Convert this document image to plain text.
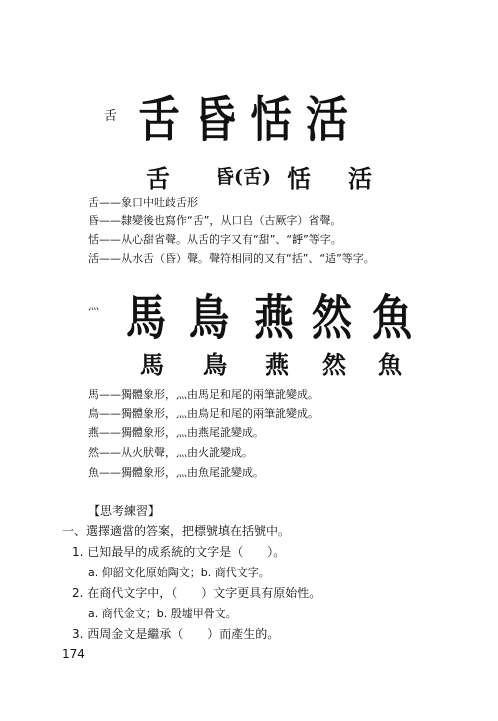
舌 舌昏恬活
舌 昏(舌) 恬 活
舌——象口中吐歧舌形
昏——隸變後也寫作“舌”，从口𠂤（古厥字）省聲。
恬——从心甜省聲。从舌的字又有“甜”、“𧦝”等字。
活——从水舌（昏）聲。聲符相同的又有“括”、“适”等字。
灬 馬 鳥 燕 然 魚
馬 鳥 燕 然 魚
馬——獨體象形，灬由馬足和尾的兩筆訛變成。
鳥——獨體象形，灬由鳥足和尾的兩筆訛變成。
燕——獨體象形，灬由燕尾訛變成。
然——从火肰聲，灬由火訛變成。
魚——獨體象形，灬由魚尾訛變成。
【思考練習】
一、選擇適當的答案，把標號填在括號中。
1. 已知最早的成系統的文字是（　　）。
a. 仰韶文化原始陶文；b. 商代文字。
2. 在商代文字中，（　　）文字更具有原始性。
a. 商代金文；b. 殷墟甲骨文。
3. 西周金文是繼承（　　）而產生的。
174
